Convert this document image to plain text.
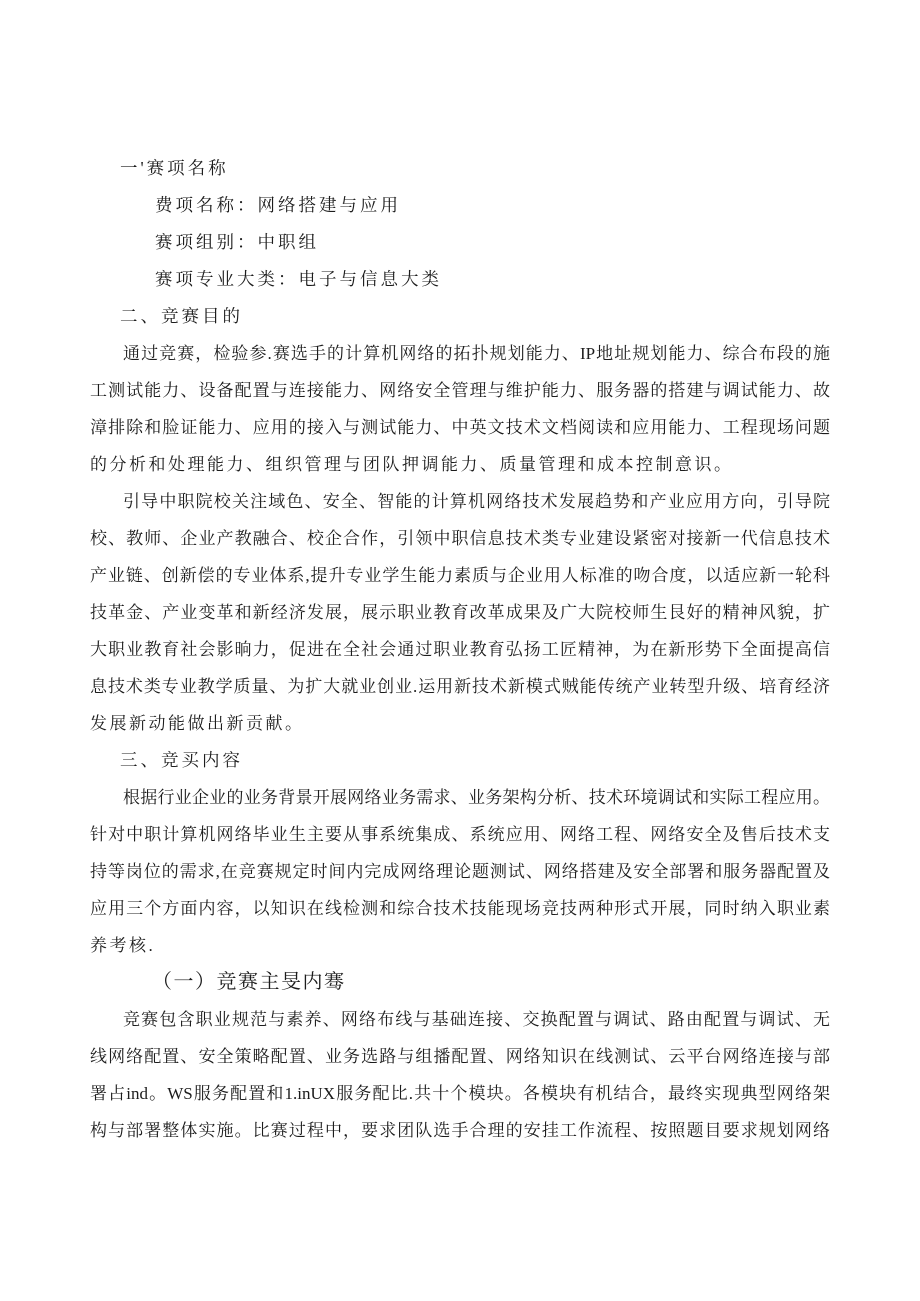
一'赛项名称
费项名称：网络搭建与应用
赛项组别：中职组
赛项专业大类：电子与信息大类
二、竞赛目的
通过竞赛，检验参.赛选手的计算机网络的拓扑规划能力、IP地址规划能力、综合布段的施
工测试能力、设备配置与连接能力、网络安全管理与维护能力、服务器的搭建与调试能力、故
漳排除和脸证能力、应用的接入与测试能力、中英文技术文档阅读和应用能力、工程现场问题
的分析和处理能力、组织管理与团队押调能力、质量管理和成本控制意识。
引导中职院校关注域色、安全、智能的计算机网络技术发展趋势和产业应用方向，引导院
校、教师、企业产教融合、校企合作，引领中职信息技术类专业建设紧密对接新一代信息技术
产业链、创新偿的专业体系,提升专业学生能力素质与企业用人标准的吻合度，以适应新一轮科
技革金、产业变革和新经济发展，展示职业教育改革成果及广大院校师生艮好的精神风貌，扩
大职业教育社会影晌力，促进在全社会通过职业教育弘扬工匠精神，为在新形势下全面提高信
息技术类专业教学质量、为扩大就业创业.运用新技术新模式贼能传统产业转型升级、培育经济
发展新动能做出新贡献。
三、竞买内容
根据行业企业的业务背景开展网络业务需求、业务架构分析、技术环境调试和实际工程应用。
针对中职计算机网络毕业生主要从事系统集成、系统应用、网络工程、网络安全及售后技术支
持等岗位的需求,在竞赛规定时间内完成网络理论题测试、网络搭建及安全部署和服务器配置及
应用三个方面内容，以知识在线检测和综合技术技能现场竞技两种形式开展，同时纳入职业素
养考核.
（一）竞赛主旻内骞
竞赛包含职业规范与素养、网络布线与基础连接、交换配置与调试、路由配置与调试、无
线网络配置、安全策略配置、业务选路与组播配置、网络知识在线测试、云平台网络连接与部
署占ind。WS服务配置和1.inUX服务配比.共十个模块。各模块有机结合，最终实现典型网络架
构与部署整体实施。比赛过程中，要求团队选手合理的安挂工作流程、按照题目要求规划网络
